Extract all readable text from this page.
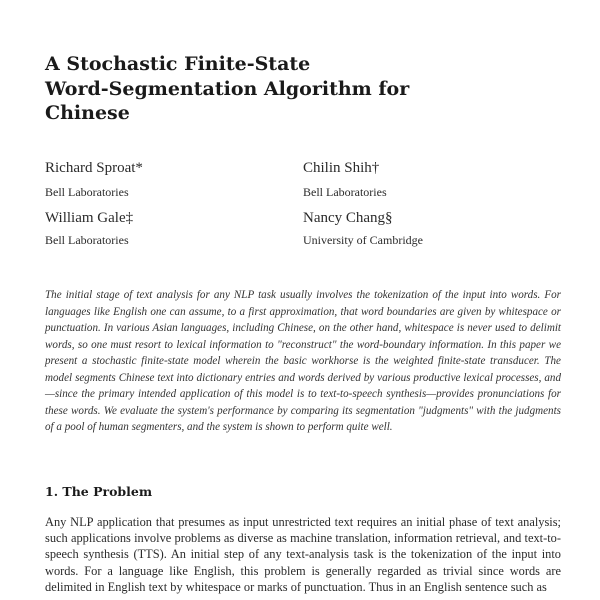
A Stochastic Finite-State
Word-Segmentation Algorithm for
Chinese
Richard Sproat*
Bell Laboratories
Chilin Shih†
Bell Laboratories
William Gale‡
Bell Laboratories
Nancy Chang§
University of Cambridge

The initial stage of text analysis for any NLP task usually involves the tokenization of the input into words. For languages like English one can assume, to a first approximation, that word boundaries are given by whitespace or punctuation. In various Asian languages, including Chinese, on the other hand, whitespace is never used to delimit words, so one must resort to lexical information to "reconstruct" the word-boundary information. In this paper we present a stochastic finite-state model wherein the basic workhorse is the weighted finite-state transducer. The model segments Chinese text into dictionary entries and words derived by various productive lexical processes, and—since the primary intended application of this model is to text-to-speech synthesis—provides pronunciations for these words. We evaluate the system's performance by comparing its segmentation "judgments" with the judgments of a pool of human segmenters, and the system is shown to perform quite well.

1. The Problem

Any NLP application that presumes as input unrestricted text requires an initial phase of text analysis; such applications involve problems as diverse as machine translation, information retrieval, and text-to-speech synthesis (TTS). An initial step of any text-analysis task is the tokenization of the input into words. For a language like English, this problem is generally regarded as trivial since words are delimited in English text by whitespace or marks of punctuation. Thus in an English sentence such as
